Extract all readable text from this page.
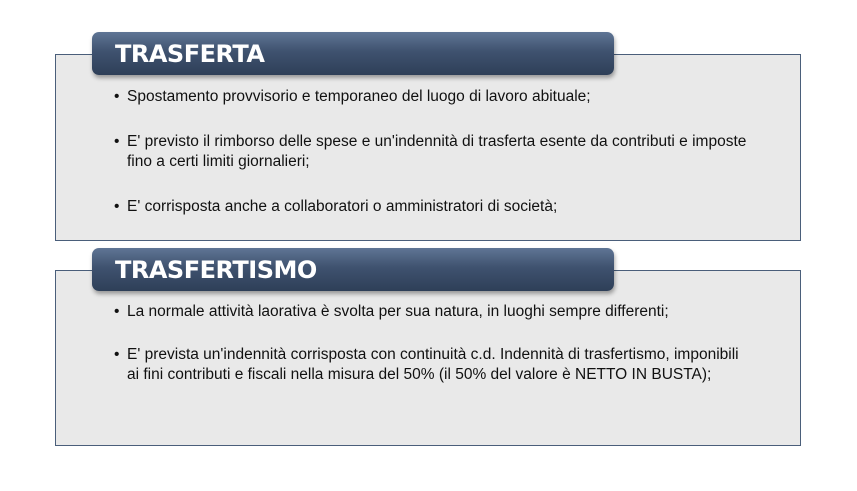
TRASFERTA
• Spostamento provvisorio e temporaneo del luogo di lavoro abituale;
• E' previsto il rimborso delle spese e un'indennità di trasferta esente da contributi e imposte fino a certi limiti giornalieri;
• E' corrisposta anche a collaboratori o amministratori di società;
TRASFERTISMO
• La normale attività laorativa è svolta per sua natura, in luoghi sempre differenti;
• E' prevista un'indennità corrisposta con continuità c.d. Indennità di trasfertismo, imponibili ai fini contributi e fiscali nella misura del 50% (il 50% del valore è NETTO IN BUSTA);
